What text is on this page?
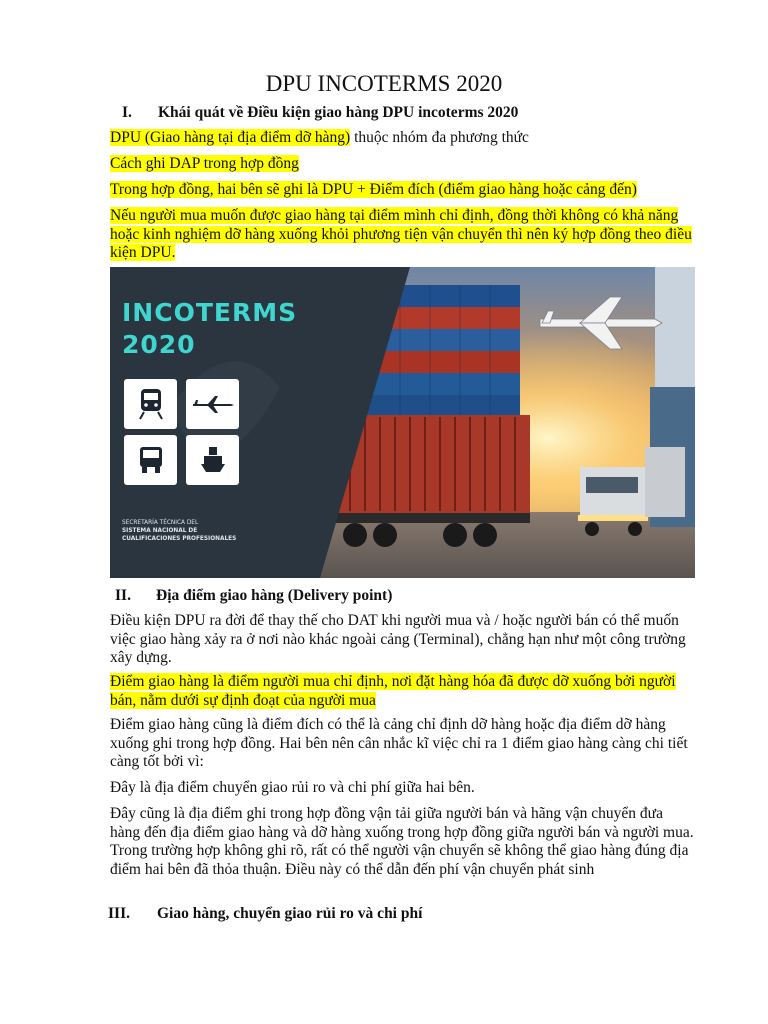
DPU INCOTERMS 2020
I. Khái quát về Điều kiện giao hàng DPU incoterms 2020
DPU (Giao hàng tại địa điểm dỡ hàng) thuộc nhóm đa phương thức
Cách ghi DAP trong hợp đồng
Trong hợp đồng, hai bên sẽ ghi là DPU + Điểm đích (điểm giao hàng hoặc cảng đến)
Nếu người mua muốn được giao hàng tại điểm mình chỉ định, đồng thời không có khả năng hoặc kinh nghiệm dỡ hàng xuống khỏi phương tiện vận chuyển thì nên ký hợp đồng theo điều kiện DPU.
INCOTERMS
2020
SECRETARÍA TÉCNICA DEL
SISTEMA NACIONAL DE
CUALIFICACIONES PROFESIONALES
II. Địa điểm giao hàng (Delivery point)
Điều kiện DPU ra đời để thay thế cho DAT khi người mua và / hoặc người bán có thể muốn việc giao hàng xảy ra ở nơi nào khác ngoài cảng (Terminal), chẳng hạn như một công trường xây dựng.
Điểm giao hàng là điểm người mua chỉ định, nơi đặt hàng hóa đã được dỡ xuống bởi người bán, nằm dưới sự định đoạt của người mua
Điểm giao hàng cũng là điểm đích có thể là cảng chỉ định dỡ hàng hoặc địa điểm dỡ hàng xuống ghi trong hợp đồng. Hai bên nên cân nhắc kĩ việc chỉ ra 1 điểm giao hàng càng chi tiết càng tốt bởi vì:
Đây là địa điểm chuyển giao rủi ro và chi phí giữa hai bên.
Đây cũng là địa điểm ghi trong hợp đồng vận tải giữa người bán và hãng vận chuyển đưa hàng đến địa điểm giao hàng và dỡ hàng xuống trong hợp đồng giữa người bán và người mua. Trong trường hợp không ghi rõ, rất có thể người vận chuyển sẽ không thể giao hàng đúng địa điểm hai bên đã thỏa thuận. Điều này có thể dẫn đến phí vận chuyển phát sinh
III. Giao hàng, chuyển giao rủi ro và chi phí
